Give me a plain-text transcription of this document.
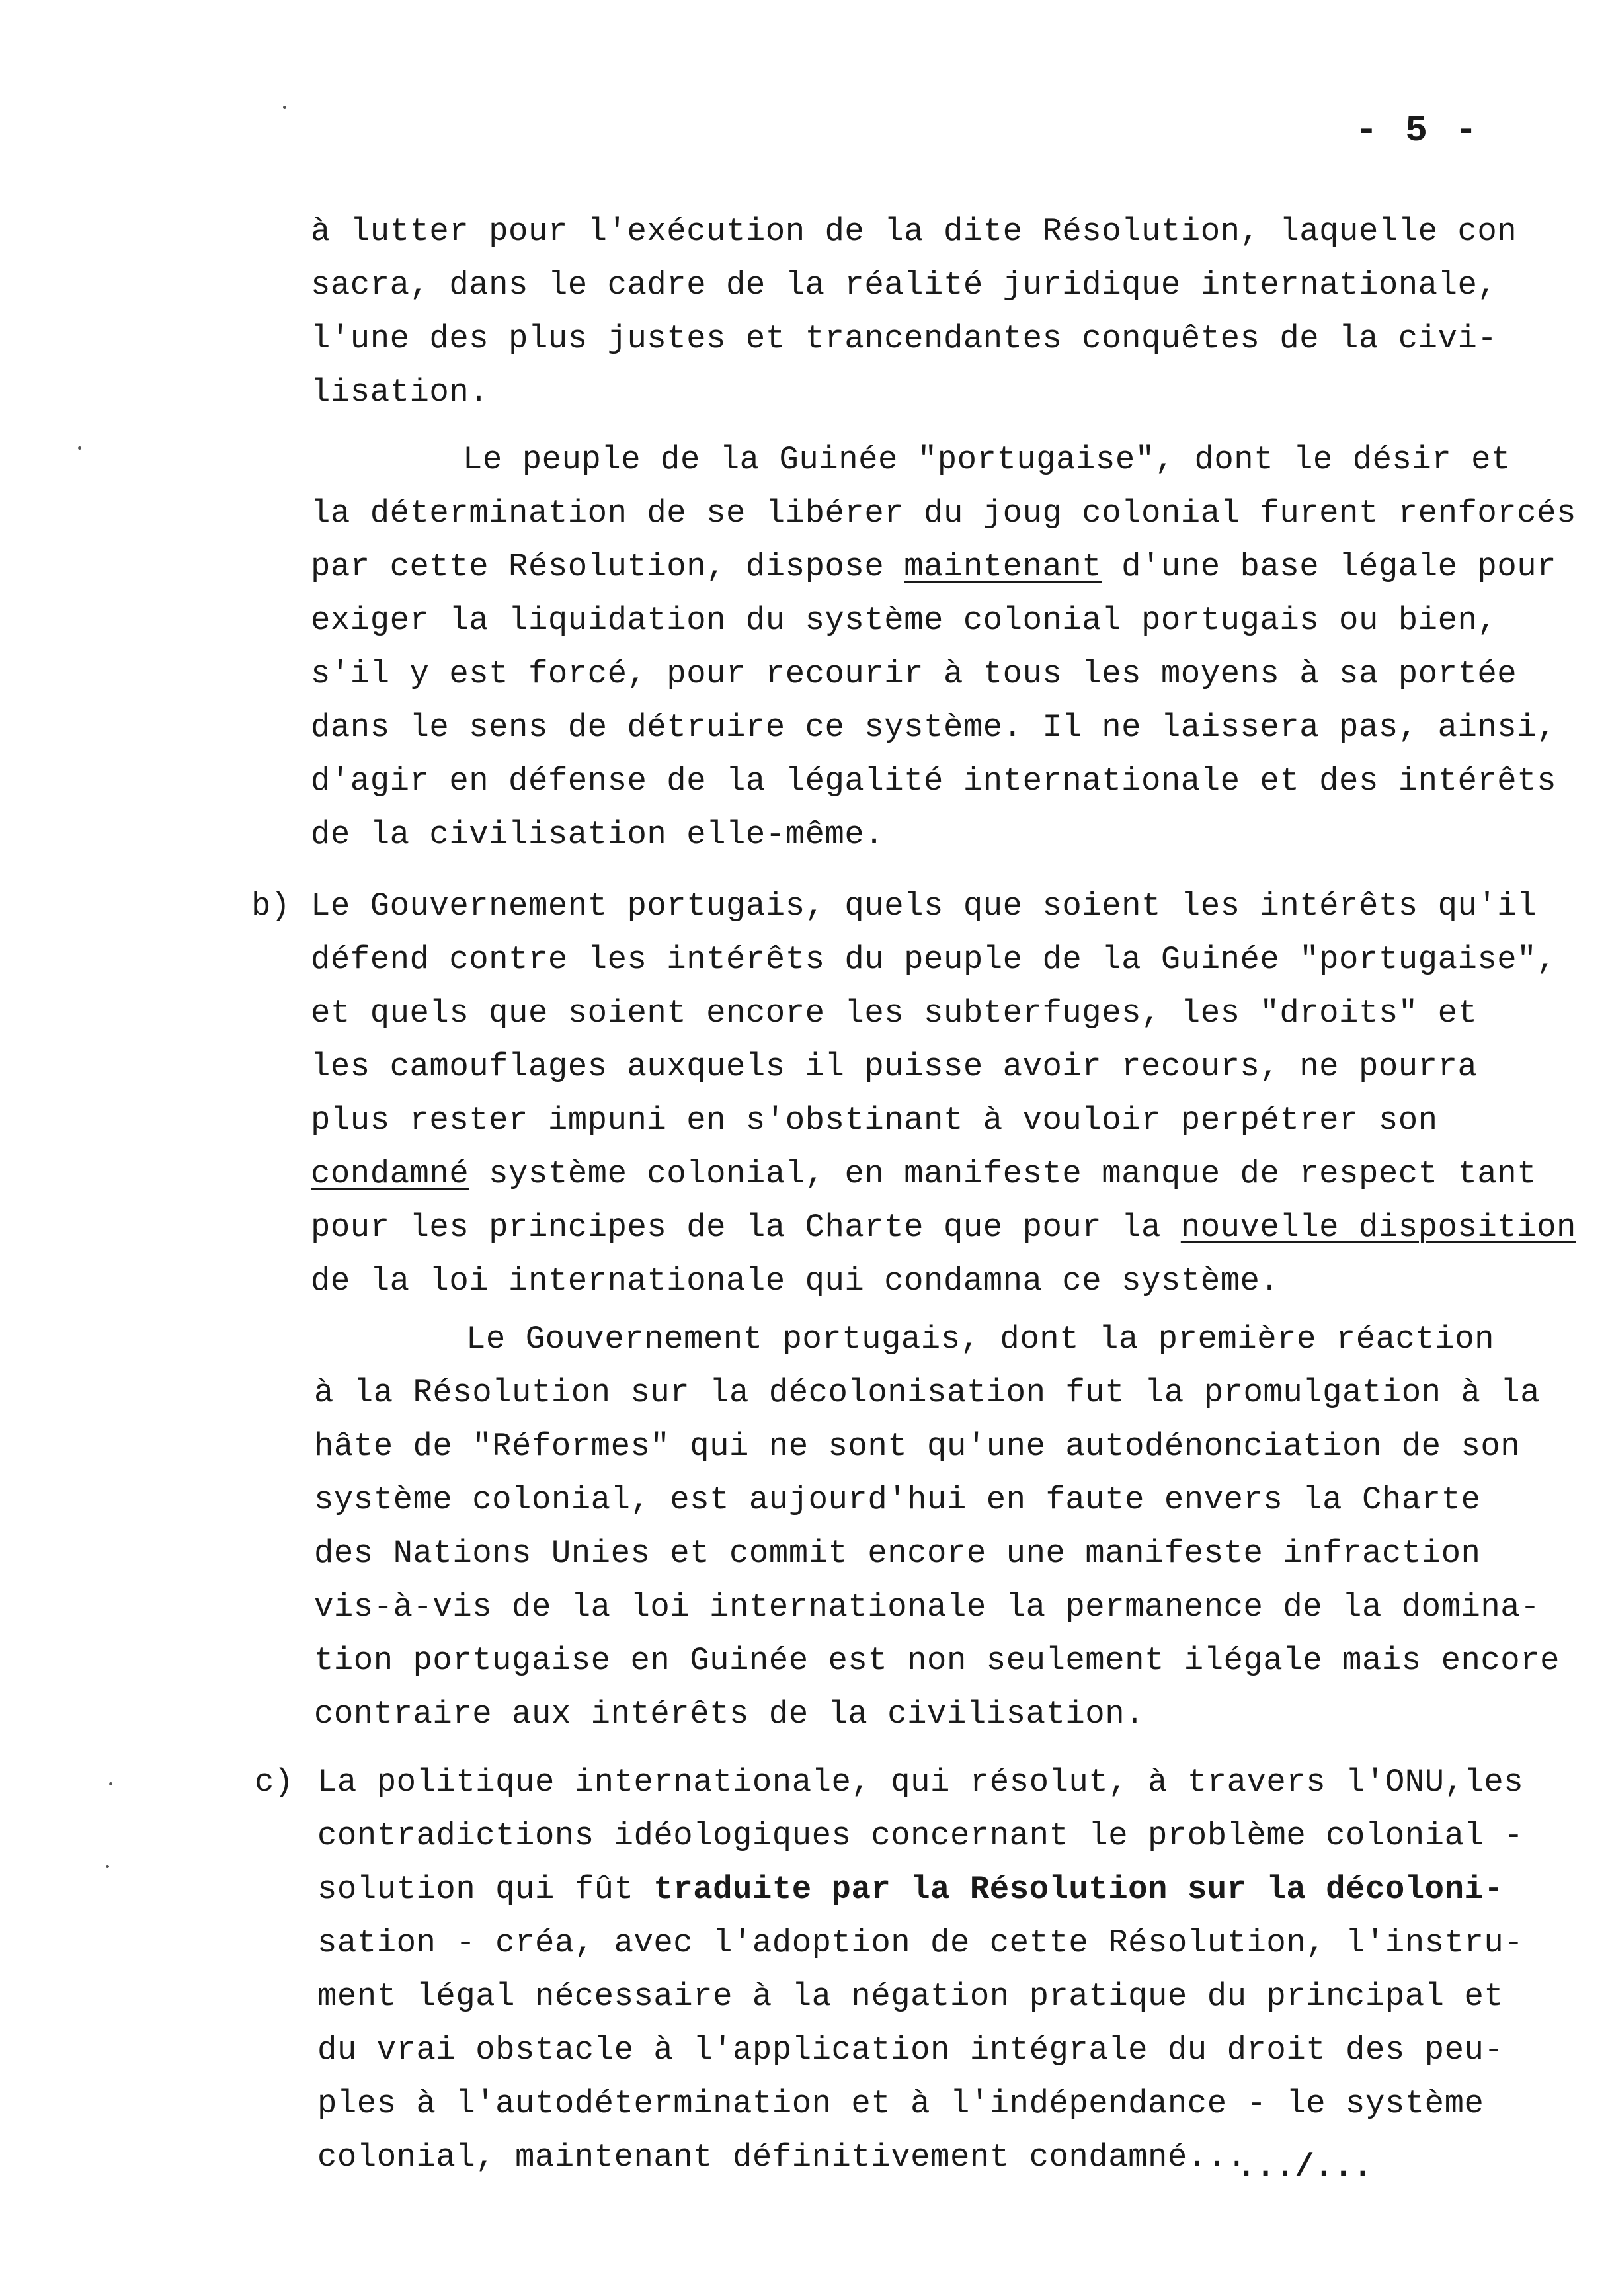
- 5 -
à lutter pour l'exécution de la dite Résolution, laquelle con
sacra, dans le cadre de la réalité juridique internationale,
l'une des plus justes et trancendantes conquêtes de la civi-
lisation.
Le peuple de la Guinée "portugaise", dont le désir et
la détermination de se libérer du joug colonial furent renforcés
par cette Résolution, dispose maintenant d'une base légale pour
exiger la liquidation du système colonial portugais ou bien,
s'il y est forcé, pour recourir à tous les moyens à sa portée
dans le sens de détruire ce système. Il ne laissera pas, ainsi,
d'agir en défense de la légalité internationale et des intérêts
de la civilisation elle-même.
b) Le Gouvernement portugais, quels que soient les intérêts qu'il
défend contre les intérêts du peuple de la Guinée "portugaise",
et quels que soient encore les subterfuges, les "droits" et
les camouflages auxquels il puisse avoir recours, ne pourra
plus rester impuni en s'obstinant à vouloir perpétrer son
condamné système colonial, en manifeste manque de respect tant
pour les principes de la Charte que pour la nouvelle disposition
de la loi internationale qui condamna ce système.
Le Gouvernement portugais, dont la première réaction
à la Résolution sur la décolonisation fut la promulgation à la
hâte de "Réformes" qui ne sont qu'une autodénonciation de son
système colonial, est aujourd'hui en faute envers la Charte
des Nations Unies et commit encore une manifeste infraction
vis-à-vis de la loi internationale la permanence de la domina-
tion portugaise en Guinée est non seulement ilégale mais encore
contraire aux intérêts de la civilisation.
c) La politique internationale, qui résolut, à travers l'ONU,les
contradictions idéologiques concernant le problème colonial -
solution qui fût traduite par la Résolution sur la décoloni-
sation - créa, avec l'adoption de cette Résolution, l'instru-
ment légal nécessaire à la négation pratique du principal et
du vrai obstacle à l'application intégrale du droit des peu-
ples à l'autodétermination et à l'indépendance - le système
colonial, maintenant définitivement condamné...
.../...
